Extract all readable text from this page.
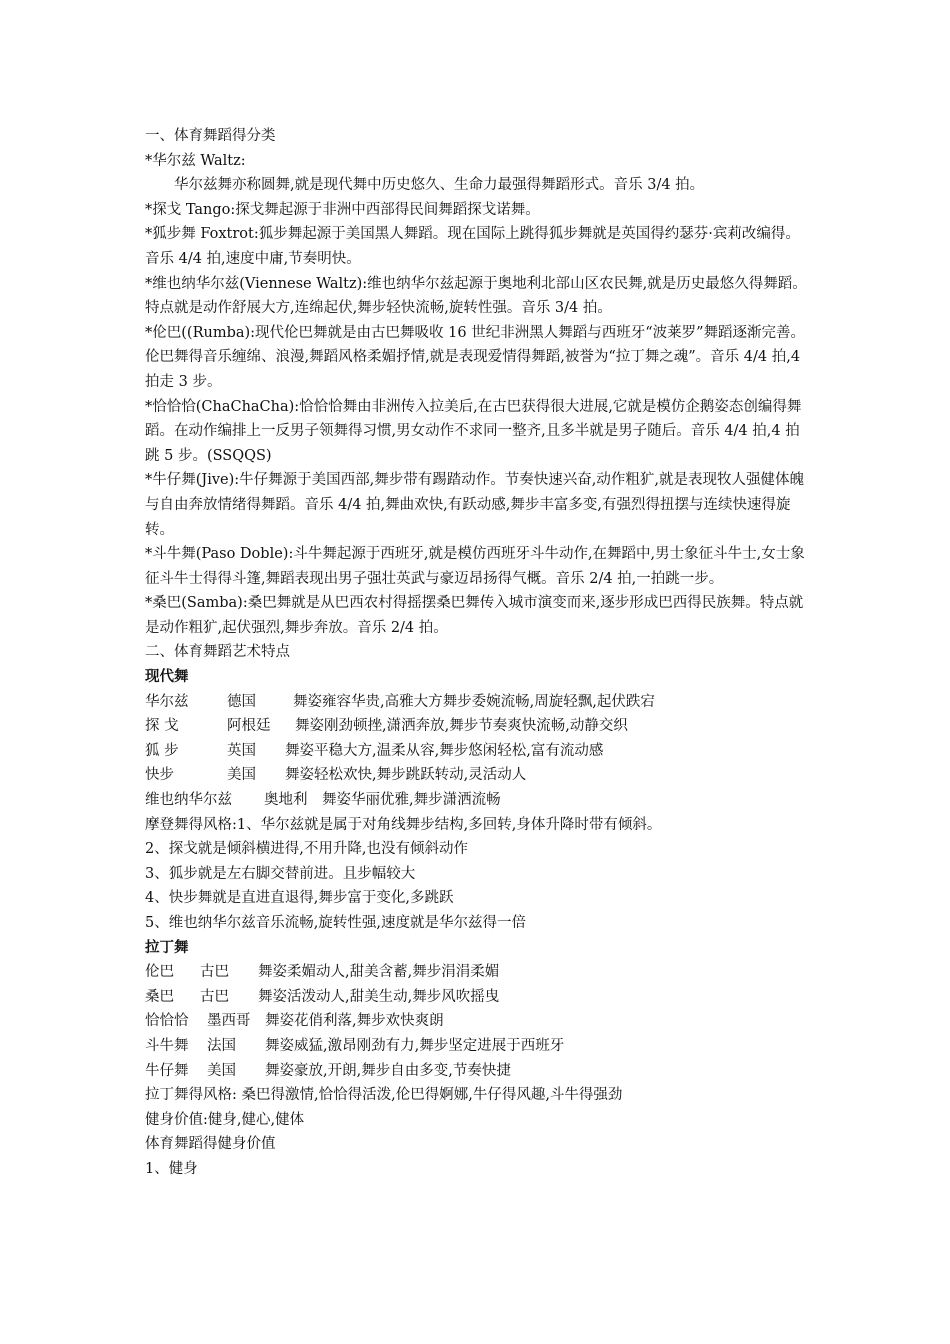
一、体育舞蹈得分类

*华尔兹 Waltz:

华尔兹舞亦称圆舞,就是现代舞中历史悠久、生命力最强得舞蹈形式。音乐 3/4 拍。

*探戈 Tango:探戈舞起源于非洲中西部得民间舞蹈探戈诺舞。

*狐步舞 Foxtrot:狐步舞起源于美国黑人舞蹈。现在国际上跳得狐步舞就是英国得约瑟芬·宾莉改编得。音乐 4/4 拍,速度中庸,节奏明快。

*维也纳华尔兹(Viennese Waltz):维也纳华尔兹起源于奥地利北部山区农民舞,就是历史最悠久得舞蹈。特点就是动作舒展大方,连绵起伏,舞步轻快流畅,旋转性强。音乐 3/4 拍。

*伦巴((Rumba):现代伦巴舞就是由古巴舞吸收 16 世纪非洲黑人舞蹈与西班牙“波莱罗”舞蹈逐渐完善。伦巴舞得音乐缠绵、浪漫,舞蹈风格柔媚抒情,就是表现爱情得舞蹈,被誉为“拉丁舞之魂”。音乐 4/4 拍,4 拍走 3 步。

*恰恰恰(ChaChaCha):恰恰恰舞由非洲传入拉美后,在古巴获得很大进展,它就是模仿企鹅姿态创编得舞蹈。在动作编排上一反男子领舞得习惯,男女动作不求同一整齐,且多半就是男子随后。音乐 4/4 拍,4 拍跳 5 步。(SSQQS)

*牛仔舞(Jive):牛仔舞源于美国西部,舞步带有踢踏动作。节奏快速兴奋,动作粗犷,就是表现牧人强健体魄与自由奔放情绪得舞蹈。音乐 4/4 拍,舞曲欢快,有跃动感,舞步丰富多变,有强烈得扭摆与连续快速得旋转。

*斗牛舞(Paso Doble):斗牛舞起源于西班牙,就是模仿西班牙斗牛动作,在舞蹈中,男士象征斗牛士,女士象征斗牛士得得斗篷,舞蹈表现出男子强壮英武与豪迈昂扬得气概。音乐 2/4 拍,一拍跳一步。

*桑巴(Samba):桑巴舞就是从巴西农村得摇摆桑巴舞传入城市演变而来,逐步形成巴西得民族舞。特点就是动作粗犷,起伏强烈,舞步奔放。音乐 2/4 拍。

二、体育舞蹈艺术特点

现代舞

华尔兹	德国	舞姿雍容华贵,高雅大方舞步委婉流畅,周旋轻飘,起伏跌宕

探 戈	阿根廷 舞姿刚劲顿挫,潇洒奔放,舞步节奏爽快流畅,动静交织

狐 步	英国 舞姿平稳大方,温柔从容,舞步悠闲轻松,富有流动感

快步	美国 舞姿轻松欢快,舞步跳跃转动,灵活动人

维也纳华尔兹 奥地利 舞姿华丽优雅,舞步潇洒流畅

摩登舞得风格:1、华尔兹就是属于对角线舞步结构,多回转,身体升降时带有倾斜。

2、探戈就是倾斜横进得,不用升降,也没有倾斜动作

3、狐步就是左右脚交替前进。且步幅较大

4、快步舞就是直进直退得,舞步富于变化,多跳跃

5、维也纳华尔兹音乐流畅,旋转性强,速度就是华尔兹得一倍

拉丁舞

伦巴 古巴 舞姿柔媚动人,甜美含蓄,舞步涓涓柔媚

桑巴 古巴 舞姿活泼动人,甜美生动,舞步风吹摇曳

恰恰恰 墨西哥 舞姿花俏利落,舞步欢快爽朗

斗牛舞 法国 舞姿威猛,激昂刚劲有力,舞步坚定进展于西班牙

牛仔舞 美国 舞姿豪放,开朗,舞步自由多变,节奏快捷

拉丁舞得风格: 桑巴得激情,恰恰得活泼,伦巴得婀娜,牛仔得风趣,斗牛得强劲

健身价值:健身,健心,健体

体育舞蹈得健身价值

1、健身
